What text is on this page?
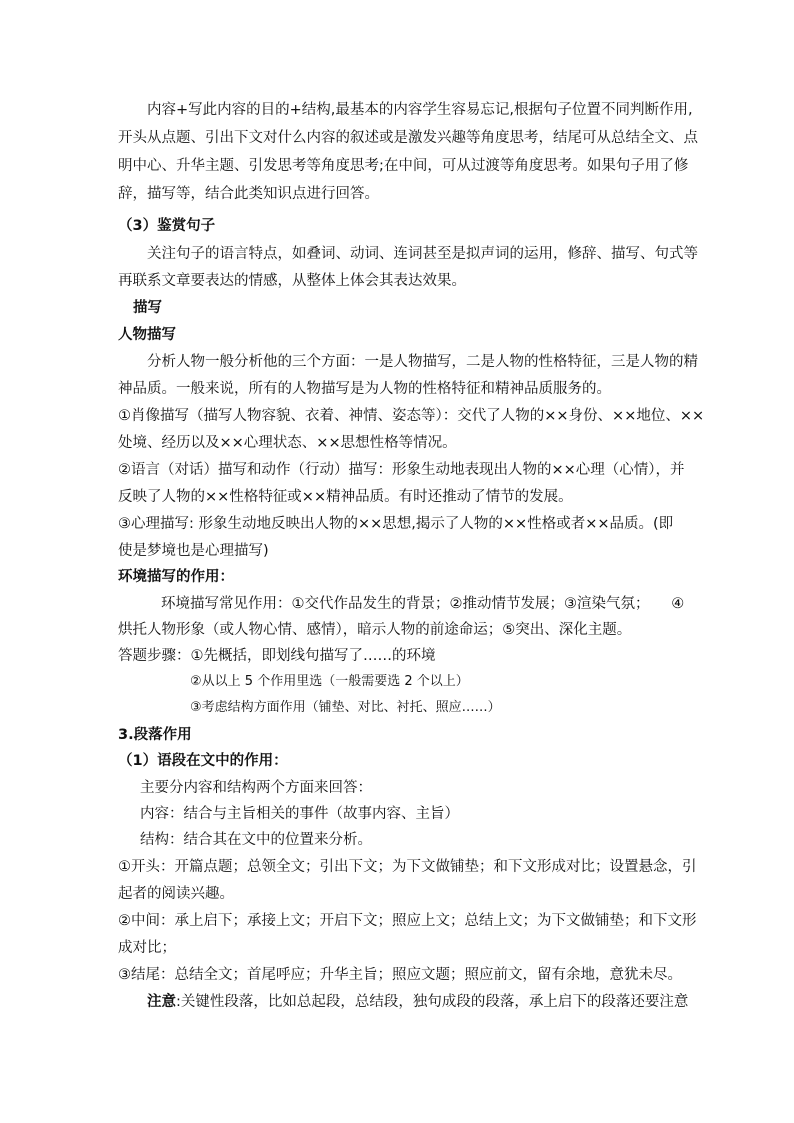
内容+写此内容的目的+结构,最基本的内容学生容易忘记,根据句子位置不同判断作用,
开头从点题、引出下文对什么内容的叙述或是激发兴趣等角度思考，结尾可从总结全文、点
明中心、升华主题、引发思考等角度思考;在中间，可从过渡等角度思考。如果句子用了修
辞，描写等，结合此类知识点进行回答。
（3）鉴赏句子
关注句子的语言特点，如叠词、动词、连词甚至是拟声词的运用，修辞、描写、句式等
再联系文章要表达的情感，从整体上体会其表达效果。
描写
人物描写
分析人物一般分析他的三个方面：一是人物描写，二是人物的性格特征，三是人物的精
神品质。一般来说，所有的人物描写是为人物的性格特征和精神品质服务的。
①肖像描写（描写人物容貌、衣着、神情、姿态等）：交代了人物的××身份、××地位、××
处境、经历以及××心理状态、××思想性格等情况。
②语言（对话）描写和动作（行动）描写：形象生动地表现出人物的××心理（心情），并
反映了人物的××性格特征或××精神品质。有时还推动了情节的发展。
③心理描写: 形象生动地反映出人物的××思想,揭示了人物的××性格或者××品质。(即
使是梦境也是心理描写)
环境描写的作用：
环境描写常见作用：①交代作品发生的背景；②推动情节发展；③渲染气氛；　　④
烘托人物形象（或人物心情、感情），暗示人物的前途命运；⑤突出、深化主题。
答题步骤：①先概括，即划线句描写了……的环境
②从以上 5 个作用里选（一般需要选 2 个以上）
③考虑结构方面作用（铺垫、对比、衬托、照应……）
3.段落作用
（1）语段在文中的作用：
主要分内容和结构两个方面来回答：
内容：结合与主旨相关的事件（故事内容、主旨）
结构：结合其在文中的位置来分析。
①开头：开篇点题；总领全文；引出下文；为下文做铺垫；和下文形成对比；设置悬念，引
起者的阅读兴趣。
②中间：承上启下；承接上文；开启下文；照应上文；总结上文；为下文做铺垫；和下文形
成对比；
③结尾：总结全文；首尾呼应；升华主旨；照应文题；照应前文，留有余地，意犹未尽。
注意:关键性段落，比如总起段，总结段，独句成段的段落，承上启下的段落还要注意
